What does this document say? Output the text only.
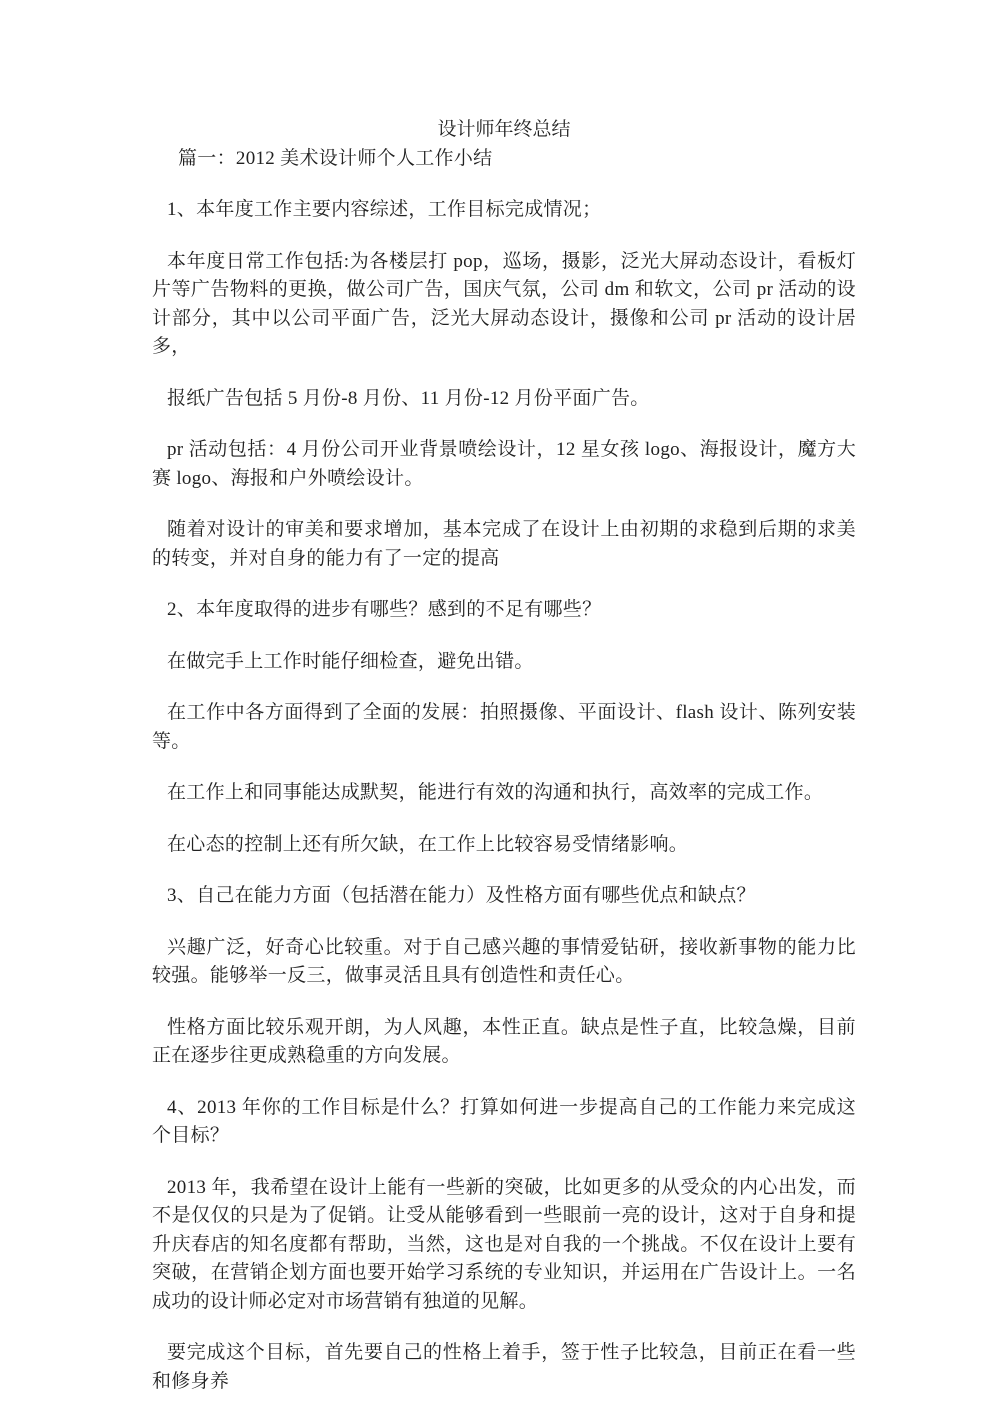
设计师年终总结

篇一：2012 美术设计师个人工作小结

1、本年度工作主要内容综述，工作目标完成情况；

本年度日常工作包括:为各楼层打 pop，巡场，摄影，泛光大屏动态设计，看板灯片等广告物料的更换，做公司广告，国庆气氛，公司 dm 和软文，公司 pr 活动的设计部分，其中以公司平面广告，泛光大屏动态设计，摄像和公司 pr 活动的设计居多，

报纸广告包括 5 月份-8 月份、11 月份-12 月份平面广告。

pr 活动包括：4 月份公司开业背景喷绘设计，12 星女孩 logo、海报设计，魔方大赛 logo、海报和户外喷绘设计。

随着对设计的审美和要求增加，基本完成了在设计上由初期的求稳到后期的求美的转变，并对自身的能力有了一定的提高

2、本年度取得的进步有哪些？感到的不足有哪些？

在做完手上工作时能仔细检查，避免出错。

在工作中各方面得到了全面的发展：拍照摄像、平面设计、flash 设计、陈列安装等。

在工作上和同事能达成默契，能进行有效的沟通和执行，高效率的完成工作。

在心态的控制上还有所欠缺，在工作上比较容易受情绪影响。

3、自己在能力方面（包括潜在能力）及性格方面有哪些优点和缺点？

兴趣广泛，好奇心比较重。对于自己感兴趣的事情爱钻研，接收新事物的能力比较强。能够举一反三，做事灵活且具有创造性和责任心。

性格方面比较乐观开朗，为人风趣，本性正直。缺点是性子直，比较急燥，目前正在逐步往更成熟稳重的方向发展。

4、2013 年你的工作目标是什么？打算如何进一步提高自己的工作能力来完成这个目标？

2013 年，我希望在设计上能有一些新的突破，比如更多的从受众的内心出发，而不是仅仅的只是为了促销。让受从能够看到一些眼前一亮的设计，这对于自身和提升庆春店的知名度都有帮助，当然，这也是对自我的一个挑战。不仅在设计上要有突破，在营销企划方面也要开始学习系统的专业知识，并运用在广告设计上。一名成功的设计师必定对市场营销有独道的见解。

要完成这个目标，首先要自己的性格上着手，签于性子比较急，目前正在看一些和修身养
